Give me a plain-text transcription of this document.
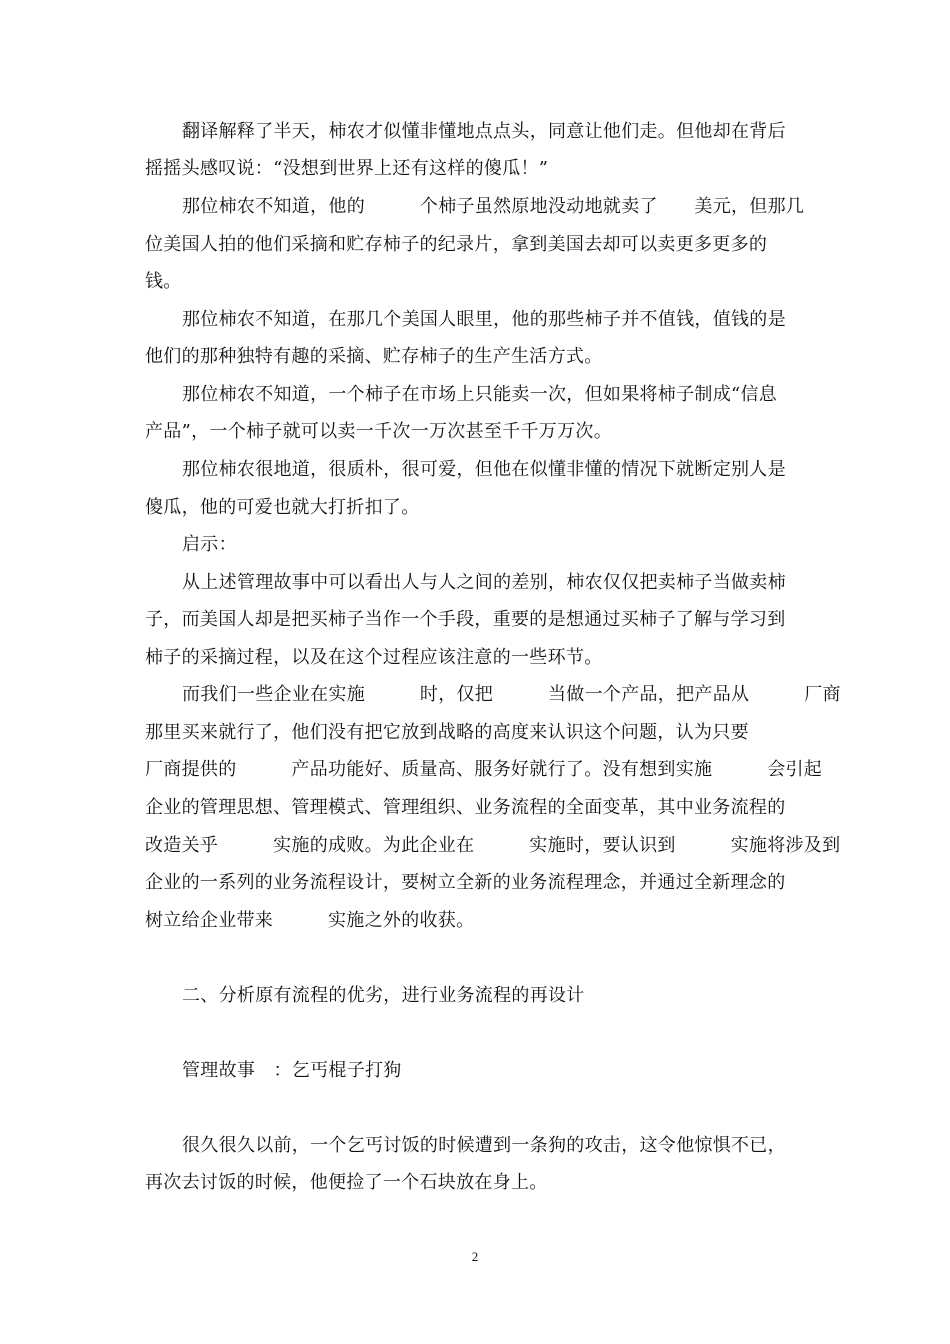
翻译解释了半天，柿农才似懂非懂地点点头，同意让他们走。但他却在背后
摇摇头感叹说：“没想到世界上还有这样的傻瓜！”
那位柿农不知道，他的　　　个柿子虽然原地没动地就卖了　　美元，但那几
位美国人拍的他们采摘和贮存柿子的纪录片，拿到美国去却可以卖更多更多的
钱。
那位柿农不知道，在那几个美国人眼里，他的那些柿子并不值钱，值钱的是
他们的那种独特有趣的采摘、贮存柿子的生产生活方式。
那位柿农不知道，一个柿子在市场上只能卖一次，但如果将柿子制成“信息
产品”，一个柿子就可以卖一千次一万次甚至千千万万次。
那位柿农很地道，很质朴，很可爱，但他在似懂非懂的情况下就断定别人是
傻瓜，他的可爱也就大打折扣了。
启示：
从上述管理故事中可以看出人与人之间的差别，柿农仅仅把卖柿子当做卖柿
子，而美国人却是把买柿子当作一个手段，重要的是想通过买柿子了解与学习到
柿子的采摘过程，以及在这个过程应该注意的一些环节。
而我们一些企业在实施　　　时，仅把　　　当做一个产品，把产品从　　　厂商
那里买来就行了，他们没有把它放到战略的高度来认识这个问题，认为只要
厂商提供的　　　产品功能好、质量高、服务好就行了。没有想到实施　　　会引起
企业的管理思想、管理模式、管理组织、业务流程的全面变革，其中业务流程的
改造关乎　　　实施的成败。为此企业在　　　实施时，要认识到　　　实施将涉及到
企业的一系列的业务流程设计，要树立全新的业务流程理念，并通过全新理念的
树立给企业带来　　　实施之外的收获。
二、分析原有流程的优劣，进行业务流程的再设计
管理故事　：乞丐棍子打狗
很久很久以前，一个乞丐讨饭的时候遭到一条狗的攻击，这令他惊惧不已，
再次去讨饭的时候，他便捡了一个石块放在身上。
2
